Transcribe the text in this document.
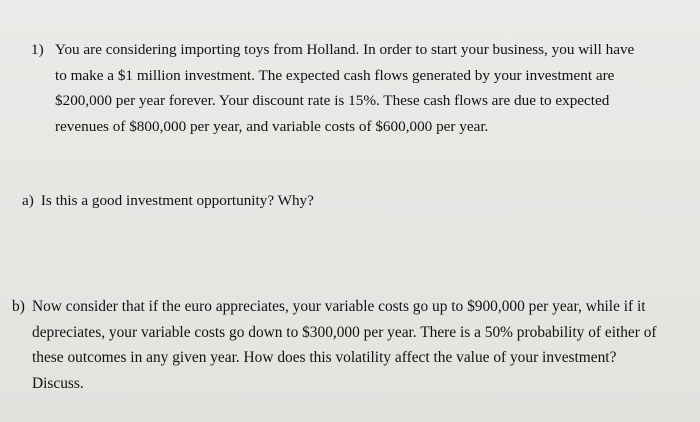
1) You are considering importing toys from Holland. In order to start your business, you will have to make a $1 million investment. The expected cash flows generated by your investment are $200,000 per year forever. Your discount rate is 15%. These cash flows are due to expected revenues of $800,000 per year, and variable costs of $600,000 per year.
a) Is this a good investment opportunity? Why?
b) Now consider that if the euro appreciates, your variable costs go up to $900,000 per year, while if it depreciates, your variable costs go down to $300,000 per year. There is a 50% probability of either of these outcomes in any given year. How does this volatility affect the value of your investment? Discuss.
